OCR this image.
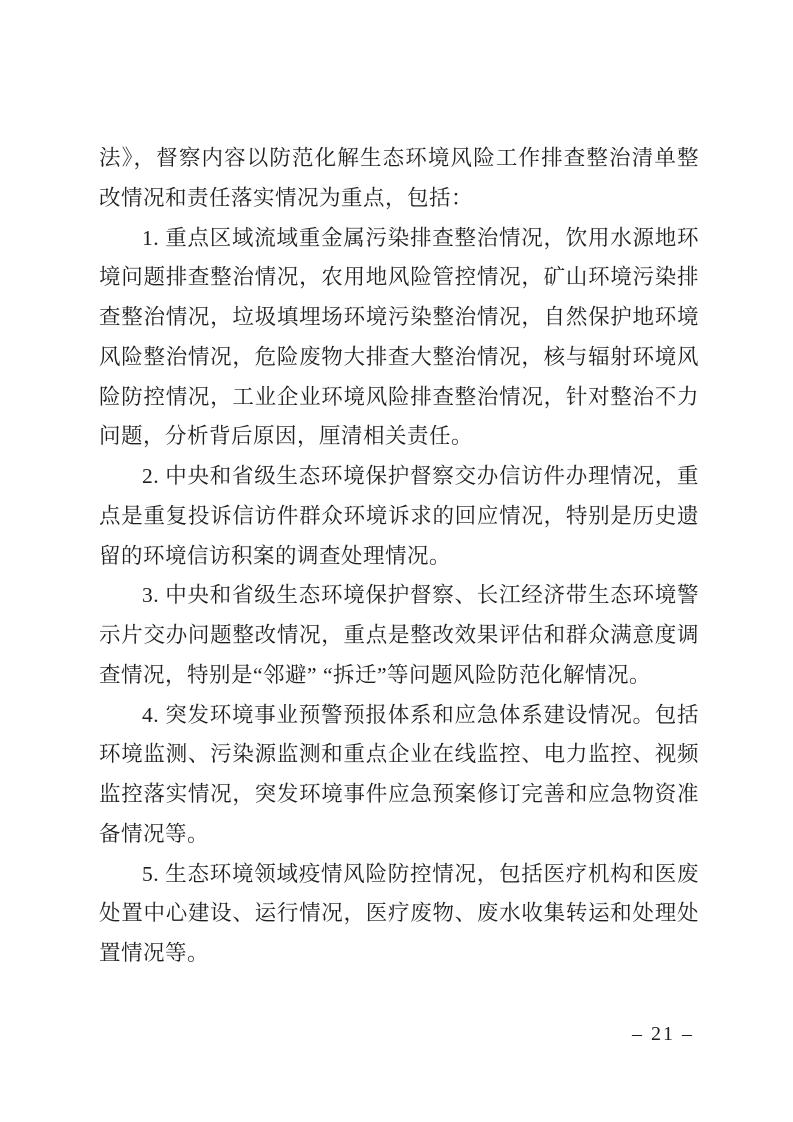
法》，督察内容以防范化解生态环境风险工作排查整治清单整改情况和责任落实情况为重点，包括：

1. 重点区域流域重金属污染排查整治情况，饮用水源地环境问题排查整治情况，农用地风险管控情况，矿山环境污染排查整治情况，垃圾填埋场环境污染整治情况，自然保护地环境风险整治情况，危险废物大排查大整治情况，核与辐射环境风险防控情况，工业企业环境风险排查整治情况，针对整治不力问题，分析背后原因，厘清相关责任。

2. 中央和省级生态环境保护督察交办信访件办理情况，重点是重复投诉信访件群众环境诉求的回应情况，特别是历史遗留的环境信访积案的调查处理情况。

3. 中央和省级生态环境保护督察、长江经济带生态环境警示片交办问题整改情况，重点是整改效果评估和群众满意度调查情况，特别是“邻避” “拆迁”等问题风险防范化解情况。

4. 突发环境事业预警预报体系和应急体系建设情况。包括环境监测、污染源监测和重点企业在线监控、电力监控、视频监控落实情况，突发环境事件应急预案修订完善和应急物资准备情况等。

5. 生态环境领域疫情风险防控情况，包括医疗机构和医废处置中心建设、运行情况，医疗废物、废水收集转运和处理处置情况等。

– 21 –
